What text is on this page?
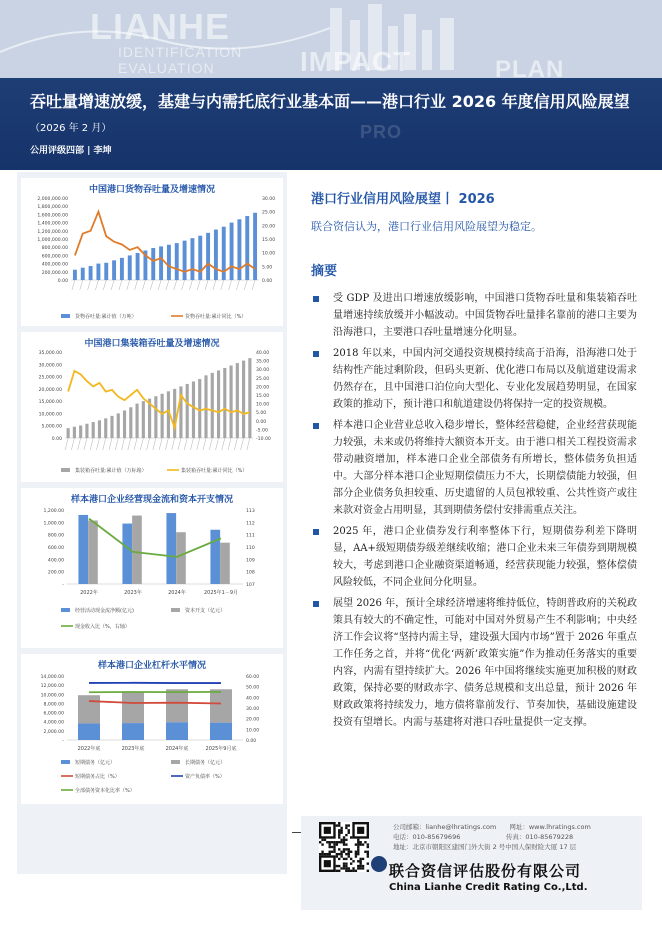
LIANHE
IDENTIFICATION
EVALUATION	IMPACT	PLAN
PRO
吞吐量增速放缓，基建与内需托底行业基本面——港口行业 2026 年度信用风险展望（2026 年 2 月）
公用评级四部 | 李坤
中国港口货物吞吐量及增速情况
2,000,000.00
1,800,000.00
1,600,000.00
1,400,000.00
1,200,000.00
1,000,000.00
800,000.00
600,000.00
400,000.00
200,000.00
0.00
30.00
25.00
20.00
15.00
10.00
5.00
0.00
货物吞吐量:累计值（万吨）	货物吞吐量:累计同比（%）
中国港口集装箱吞吐量及增速情况
35,000.00
30,000.00
25,000.00
20,000.00
15,000.00
10,000.00
5,000.00
0.00
40.00
35.00
30.00
25.00
20.00
15.00
10.00
5.00
0.00
-5.00
-10.00
集装箱吞吐量:累计值（万标箱）	集装箱吞吐量:累计同比（%）
样本港口企业经营现金流和资本开支情况
1,200.00
1,000.00
800.00
600.00
400.00
200.00
-
113
112
111
110
109
108
107
2022年	2023年	2024年	2025年1－9月
经营活动现金流净额(亿元)	资本开支（亿元）
现金收入比（%，右轴）
样本港口企业杠杆水平情况
14,000.00
12,000.00
10,000.00
8,000.00
6,000.00
4,000.00
2,000.00
-
60.00
50.00
40.00
30.00
20.00
10.00
0.00
2022年底	2023年底	2024年底	2025年9月底
短期债务（亿元）	长期债务（亿元）
短期债务占比（%）	资产负债率（%）
全部债务资本化比率（%）
港口行业信用风险展望丨 2026
联合资信认为，港口行业信用风险展望为稳定。
摘要
受 GDP 及进出口增速放缓影响，中国港口货物吞吐量和集装箱吞吐量增速持续放缓并小幅波动。中国货物吞吐量排名靠前的港口主要为沿海港口，主要港口吞吐量增速分化明显。
2018 年以来，中国内河交通投资规模持续高于沿海，沿海港口处于结构性产能过剩阶段，但码头更新、优化港口布局以及航道建设需求仍然存在，且中国港口泊位向大型化、专业化发展趋势明显，在国家政策的推动下，预计港口和航道建设仍将保持一定的投资规模。
样本港口企业营业总收入稳步增长，整体经营稳健，企业经营获现能力较强，未来或仍将维持大额资本开支。由于港口相关工程投资需求带动融资增加，样本港口企业全部债务有所增长，整体债务负担适中。大部分样本港口企业短期偿债压力不大，长期偿债能力较强，但部分企业债务负担较重、历史遗留的人员包袱较重、公共性资产或往来款对资金占用明显，其到期债务偿付安排需重点关注。
2025 年，港口企业债券发行利率整体下行，短期债券利差下降明显，AA+级短期债券级差继续收缩；港口企业未来三年债券到期规模较大，考虑到港口企业融资渠道畅通，经营获现能力较强，整体偿债风险较低，不同企业间分化明显。
展望 2026 年，预计全球经济增速将维持低位，特朗普政府的关税政策具有较大的不确定性，可能对中国对外贸易产生不利影响；中央经济工作会议将“坚持内需主导，建设强大国内市场”置于 2026 年重点工作任务之首，并将“优化‘两新’政策实施”作为推动任务落实的重要内容，内需有望持续扩大。2026 年中国将继续实施更加积极的财政政策，保持必要的财政赤字、债务总规模和支出总量，预计 2026 年财政政策将持续发力，地方债将靠前发行、节奏加快，基础设施建设投资有望增长。内需与基建将对港口吞吐量提供一定支撑。
公司邮箱：lianhe@lhratings.com　　网址：www.lhratings.com
电话：010-85679696　　　　　　　传真：010-85679228
地址：北京市朝阳区建国门外大街 2 号中国人保财险大厦 17 层
联合资信评估股份有限公司
China Lianhe Credit Rating Co.,Ltd.
